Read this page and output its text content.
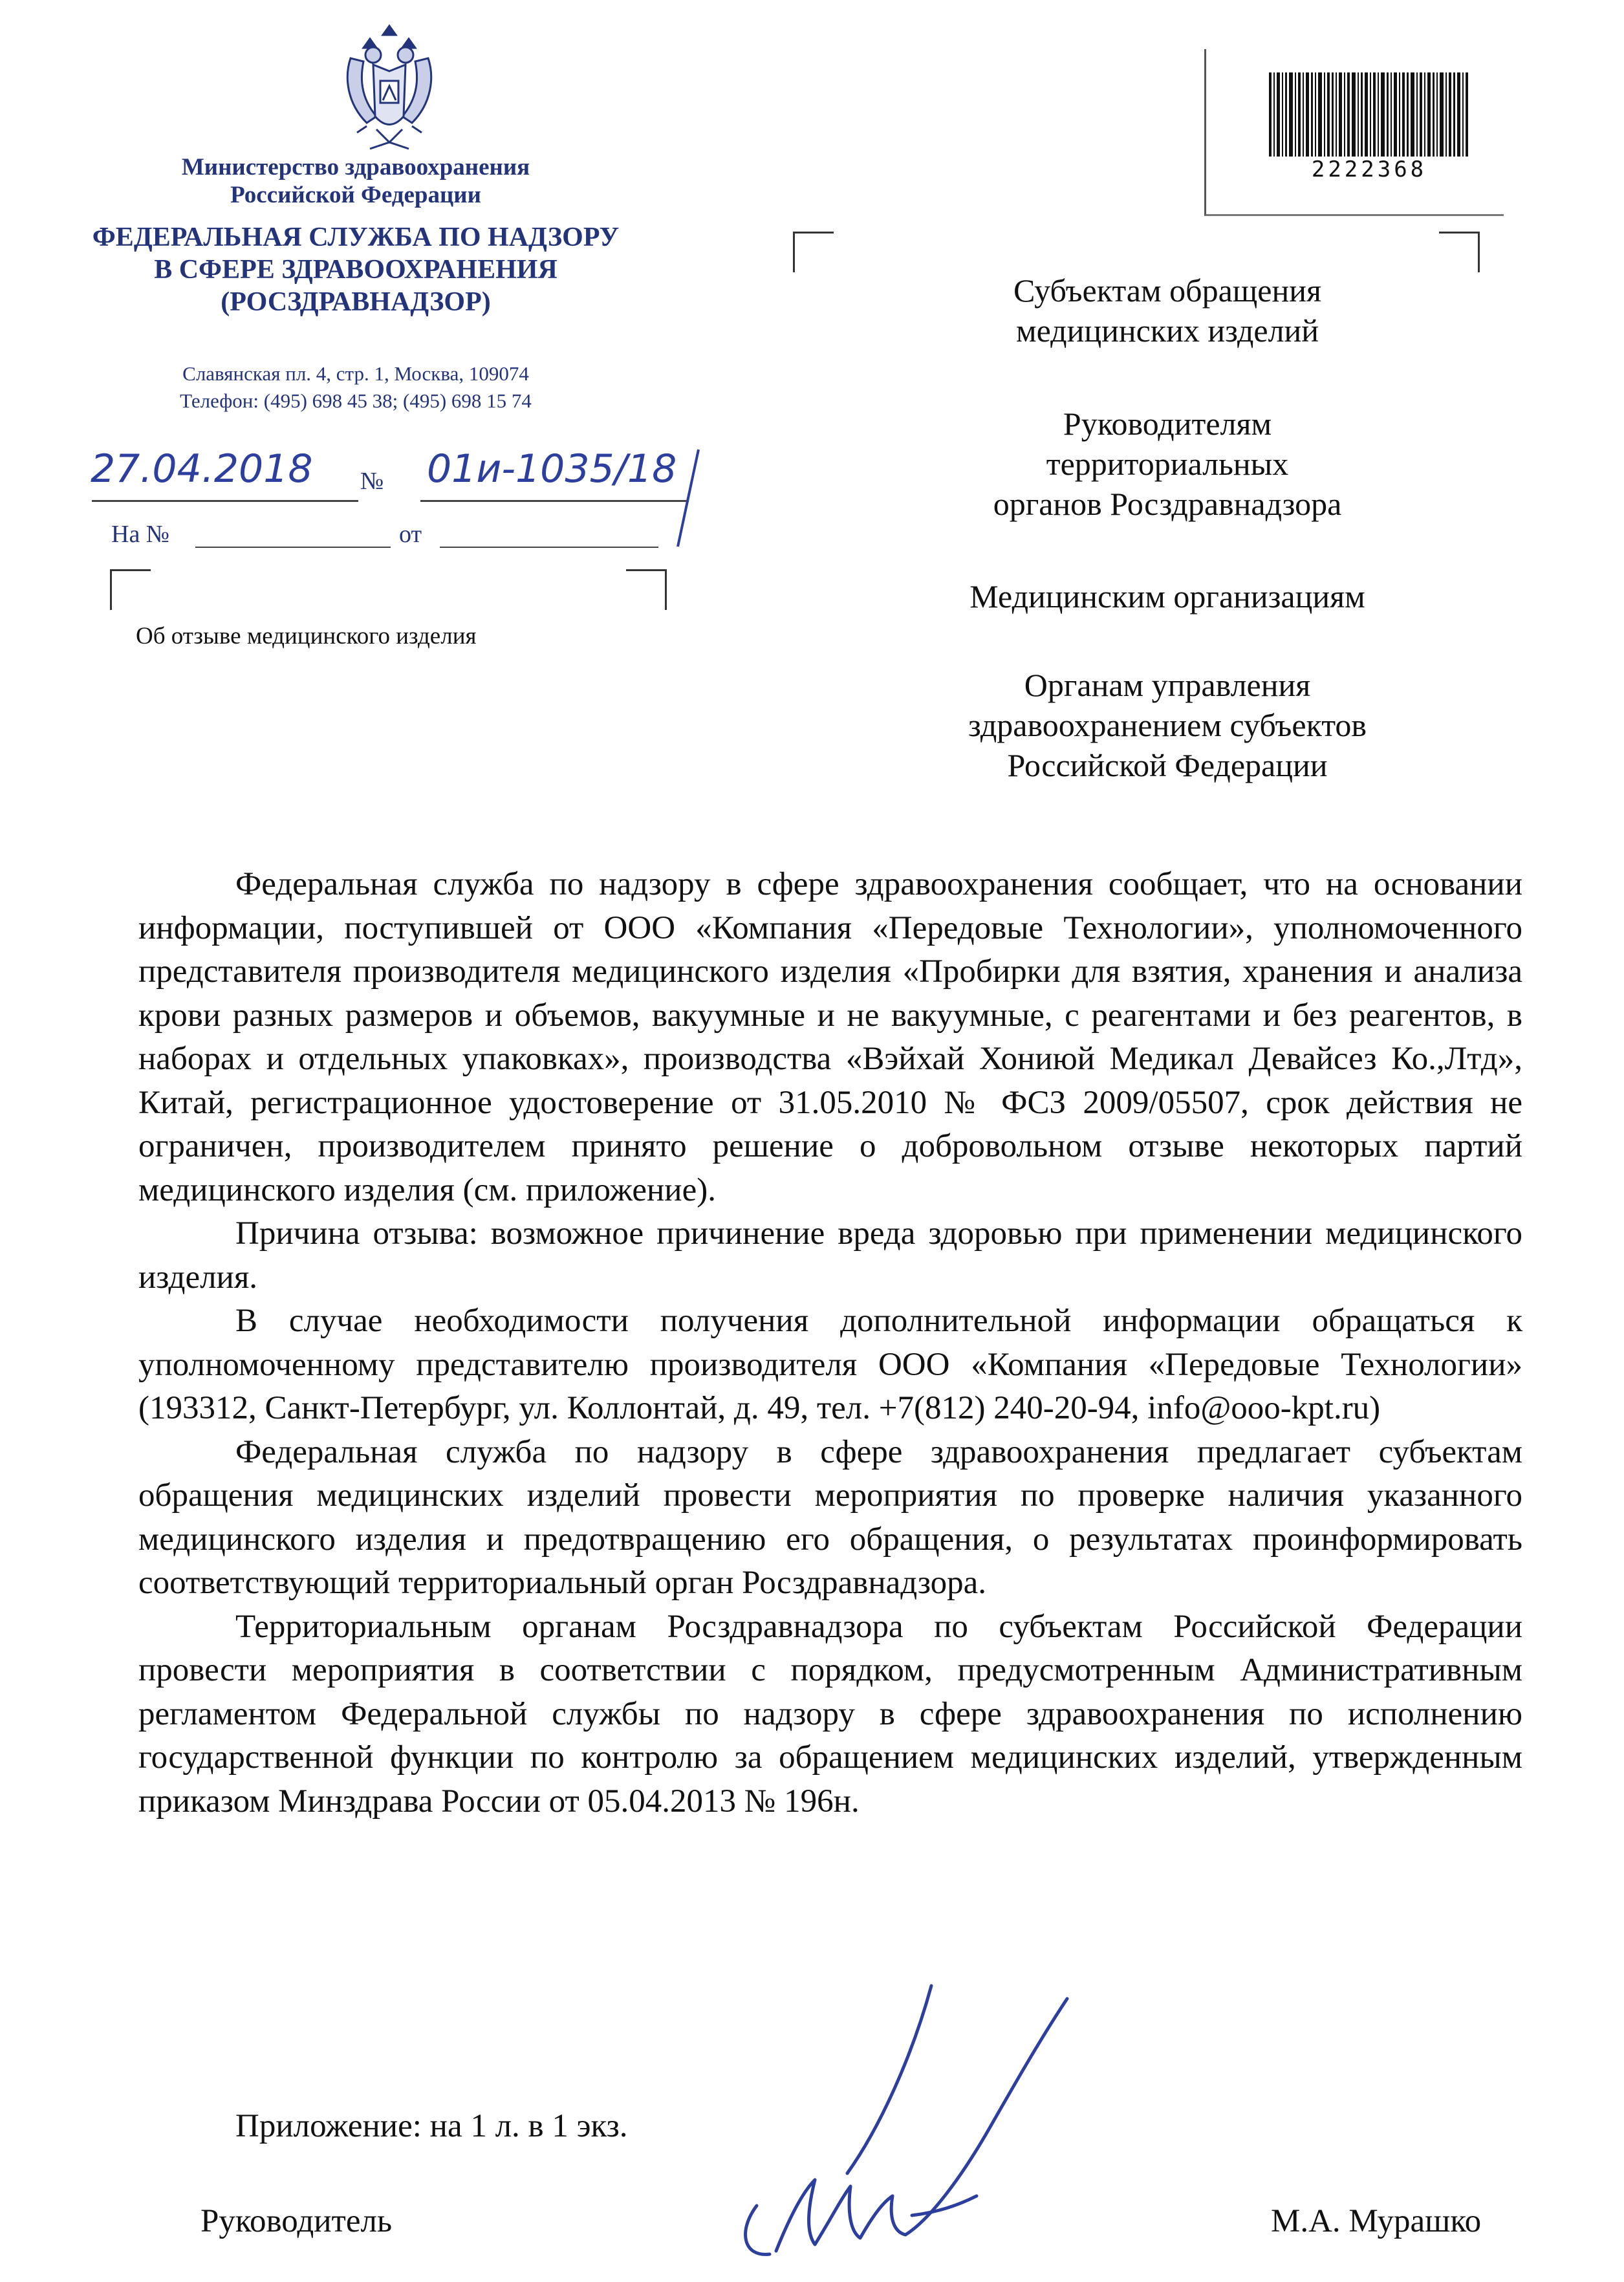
Министерство здравоохранения
Российской Федерации
ФЕДЕРАЛЬНАЯ СЛУЖБА ПО НАДЗОРУ
В СФЕРЕ ЗДРАВООХРАНЕНИЯ
(РОСЗДРАВНАДЗОР)
Славянская пл. 4, стр. 1, Москва, 109074
Телефон: (495) 698 45 38; (495) 698 15 74
27.04.2018 № 01и-1035/18
На №	от
2222368
Субъектам обращения
медицинских изделий
Руководителям
территориальных
органов Росздравнадзора
Медицинским организациям
Органам управления
здравоохранением субъектов
Российской Федерации
Об отзыве медицинского изделия

Федеральная служба по надзору в сфере здравоохранения сообщает, что на основании информации, поступившей от ООО «Компания «Передовые Технологии», уполномоченного представителя производителя медицинского изделия «Пробирки для взятия, хранения и анализа крови разных размеров и объемов, вакуумные и не вакуумные, с реагентами и без реагентов, в наборах и отдельных упаковках», производства «Вэйхай Хониюй Медикал Девайсез Ко.,Лтд», Китай, регистрационное удостоверение от 31.05.2010 № ФСЗ 2009/05507, срок действия не ограничен, производителем принято решение о добровольном отзыве некоторых партий медицинского изделия (см. приложение).

Причина отзыва: возможное причинение вреда здоровью при применении медицинского изделия.

В случае необходимости получения дополнительной информации обращаться к уполномоченному представителю производителя ООО «Компания «Передовые Технологии» (193312, Санкт-Петербург, ул. Коллонтай, д. 49, тел. +7(812) 240-20-94, info@ooo-kpt.ru)

Федеральная служба по надзору в сфере здравоохранения предлагает субъектам обращения медицинских изделий провести мероприятия по проверке наличия указанного медицинского изделия и предотвращению его обращения, о результатах проинформировать соответствующий территориальный орган Росздравнадзора.

Территориальным органам Росздравнадзора по субъектам Российской Федерации провести мероприятия в соответствии с порядком, предусмотренным Административным регламентом Федеральной службы по надзору в сфере здравоохранения по исполнению государственной функции по контролю за обращением медицинских изделий, утвержденным приказом Минздрава России от 05.04.2013 № 196н.

Приложение: на 1 л. в 1 экз.
Руководитель	М.А. Мурашко
